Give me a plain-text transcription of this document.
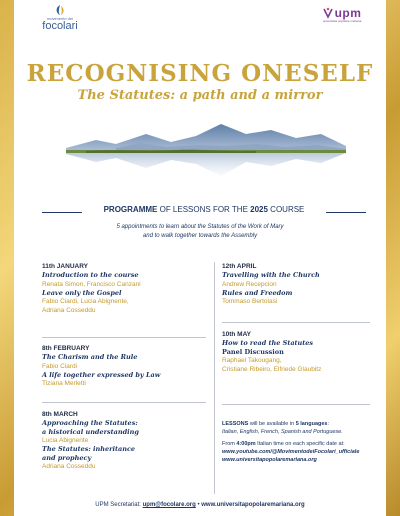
movimento dei
focolari
upm
universitas popolare mariana
RECOGNISING ONESELF
The Statutes: a path and a mirror
PROGRAMME OF LESSONS FOR THE 2025 COURSE
5 appointments to learn about the Statutes of the Work of Mary
and to walk together towards the Assembly
11th JANUARY
Introduction to the course
Renata Simon, Francisco Canzani
Leave only the Gospel
Fabio Ciardi, Lucia Abignente,
Adriana Cosseddu
8th FEBRUARY
The Charism and the Rule
Fabio Ciardi
A life together expressed by Law
Tiziana Merletti
8th MARCH
Approaching the Statutes:
a historical understanding
Lucia Abignente
The Statutes: inheritance
and prophecy
Adriana Cosseddu
12th APRIL
Travelling with the Church
Andrew Recepcion
Rules and Freedom
Tommaso Bertolasi
10th MAY
How to read the Statutes
Panel Discussion
Raphael Takougang,
Cristiane Ribeiro, Elfriede Glaubitz

LESSONS will be available in 5 languages:
Italian, English, French, Spanish and Portuguese.

From 4:00pm Italian time on each specific date at:
www.youtube.com/@MovimentodeiFocolari_ufficiale
www.universitapopolaremariana.org

UPM Secretariat: upm@focolare.org • www.universitapopolaremariana.org
